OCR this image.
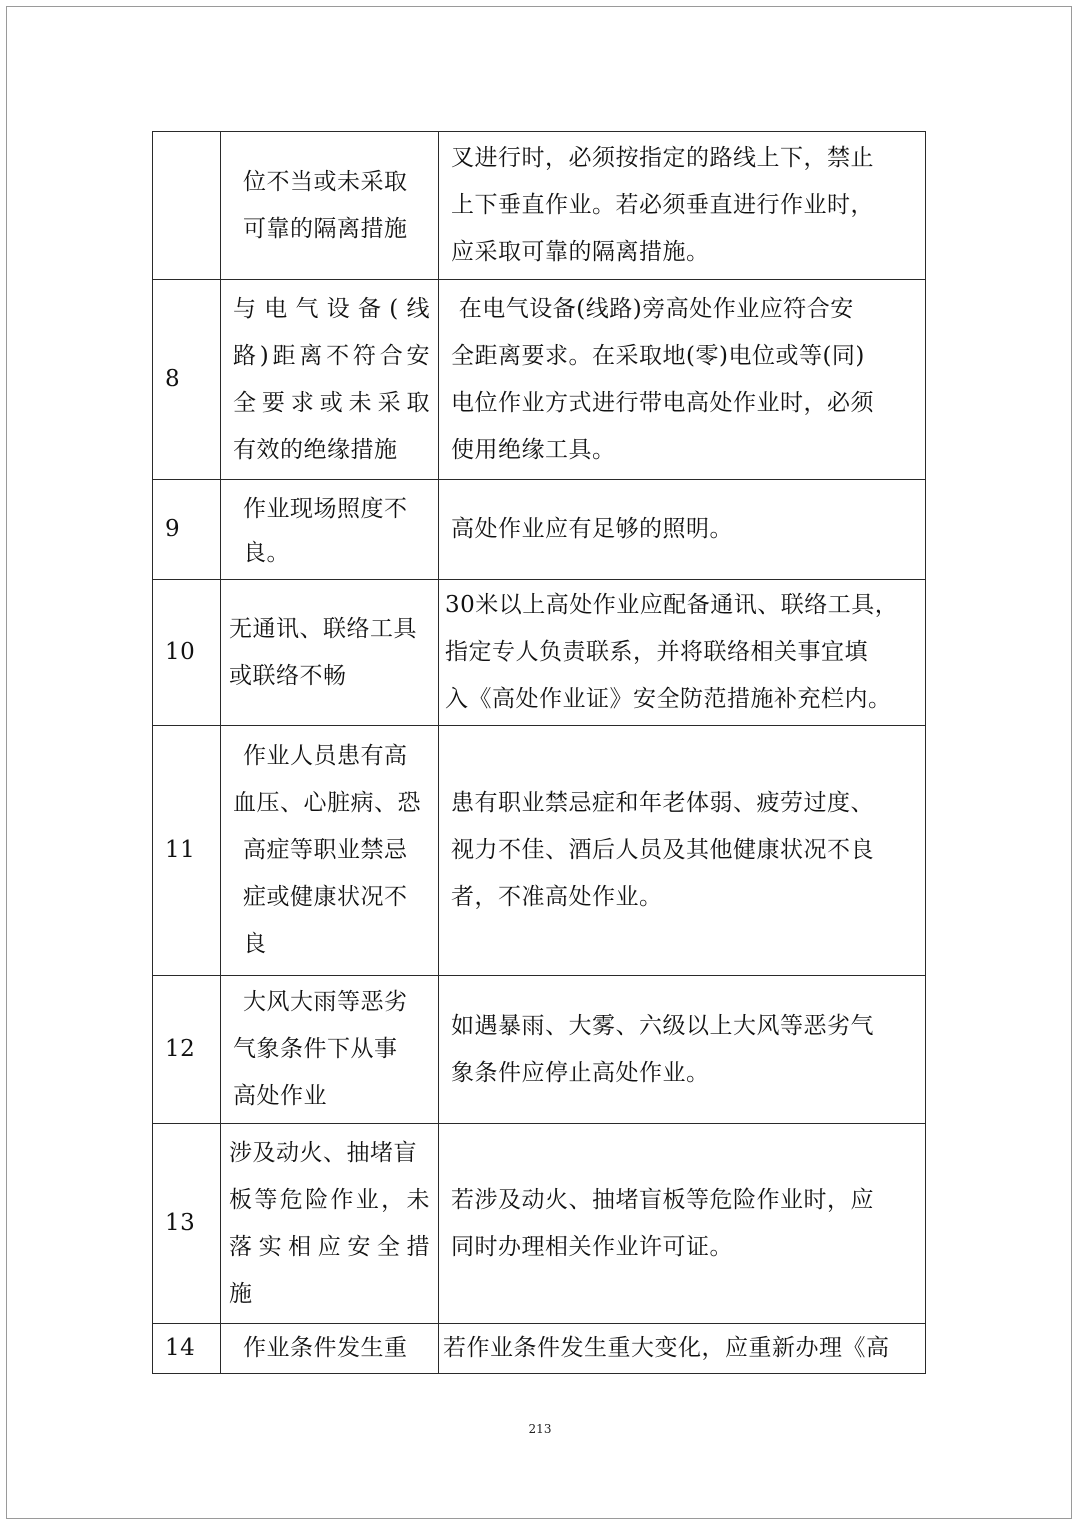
	位不当或未采取
可靠的隔离措施	叉进行时，必须按指定的路线上下，禁止
上下垂直作业。若必须垂直进行作业时，
应采取可靠的隔离措施。

8	与电气设备(线
路)距离不符合安
全要求或未采取
有效的绝缘措施	在电气设备(线路)旁高处作业应符合安
全距离要求。在采取地(零)电位或等(同)
电位作业方式进行带电高处作业时，必须
使用绝缘工具。

9	作业现场照度不
良。	高处作业应有足够的照明。

10	无通讯、联络工具
或联络不畅	30米以上高处作业应配备通讯、联络工具，
指定专人负责联系，并将联络相关事宜填
入《高处作业证》安全防范措施补充栏内。

11	作业人员患有高
血压、心脏病、恐
高症等职业禁忌
症或健康状况不
良	患有职业禁忌症和年老体弱、疲劳过度、
视力不佳、酒后人员及其他健康状况不良
者，不准高处作业。

12	大风大雨等恶劣
气象条件下从事
高处作业	如遇暴雨、大雾、六级以上大风等恶劣气
象条件应停止高处作业。

13	涉及动火、抽堵盲
板等危险作业，未
落实相应安全措
施	若涉及动火、抽堵盲板等危险作业时，应
同时办理相关作业许可证。

14	作业条件发生重	若作业条件发生重大变化，应重新办理《高
213
